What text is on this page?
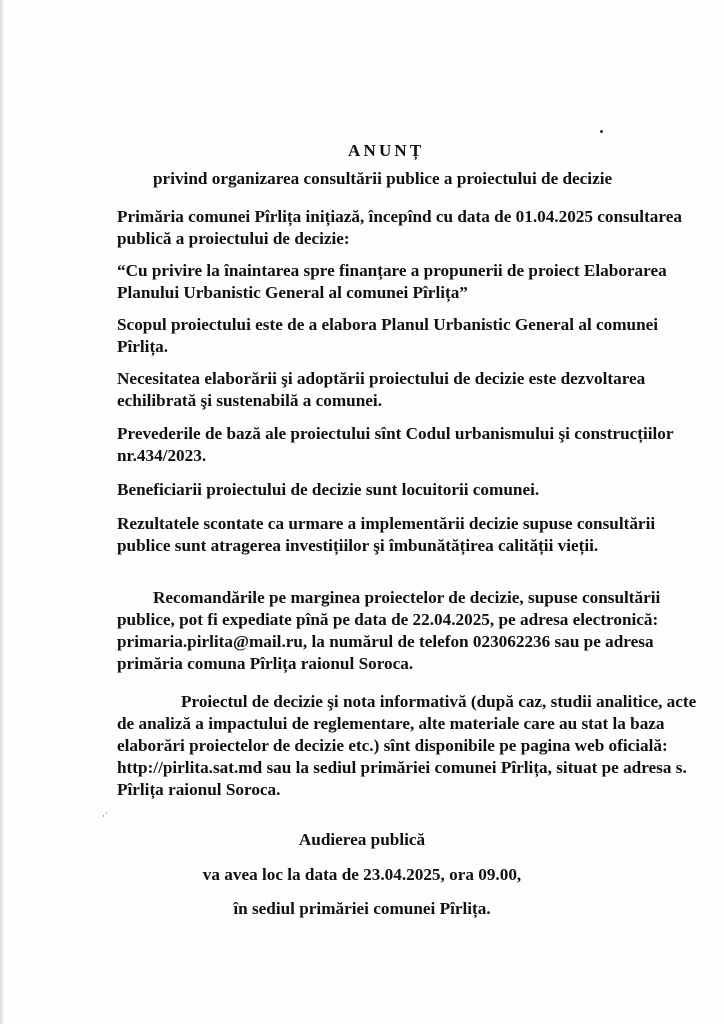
ANUNȚ
privind organizarea consultării publice a proiectului de decizie
Primăria comunei Pîrlița inițiază, începînd cu data de 01.04.2025 consultarea publică a proiectului de decizie:
“Cu privire la înaintarea spre finanțare a propunerii de proiect Elaborarea Planului Urbanistic General al comunei Pîrlița”
Scopul proiectului este de a elabora Planul Urbanistic General al comunei Pîrlița.
Necesitatea elaborării şi adoptării proiectului de decizie este dezvoltarea echilibrată şi sustenabilă a comunei.
Prevederile de bază ale proiectului sînt Codul urbanismului şi construcțiilor nr.434/2023.
Beneficiarii proiectului de decizie sunt locuitorii comunei.
Rezultatele scontate ca urmare a implementării decizie supuse consultării publice sunt atragerea investițiilor şi îmbunătățirea calității vieții.
Recomandările pe marginea proiectelor de decizie, supuse consultării publice, pot fi expediate pînă pe data de 22.04.2025, pe adresa electronică: primaria.pirlita@mail.ru, la numărul de telefon 023062236 sau pe adresa primăria comuna Pîrlița raionul Soroca.
Proiectul de decizie şi nota informativă (după caz, studii analitice, acte de analiză a impactului de reglementare, alte materiale care au stat la baza elaborări proiectelor de decizie etc.) sînt disponibile pe pagina web oficială: http://pirlita.sat.md sau la sediul primăriei comunei Pîrlița, situat pe adresa s. Pîrlița raionul Soroca.
Audierea publică
va avea loc la data de 23.04.2025, ora 09.00,
în sediul primăriei comunei Pîrlița.
·˙
